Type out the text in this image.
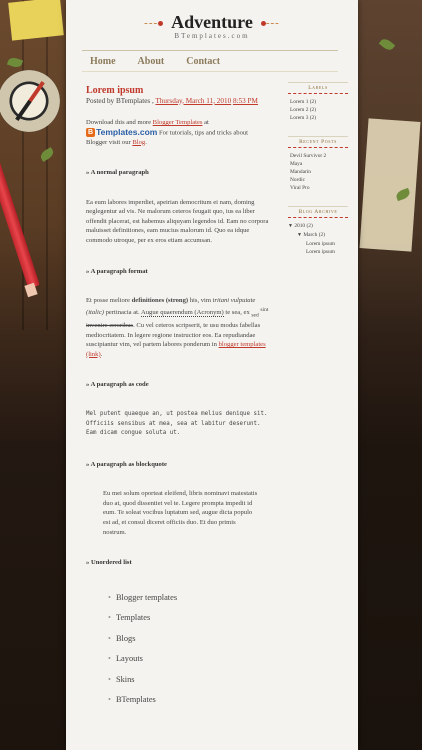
--- Adventure	---
BTemplates.com
Home About Contact
Lorem ipsum
Posted by BTemplates , Thursday, March 11, 2010 8:53 PM
Download this and more Blogger Templates at

B Templates.com For tutorials, tips and tricks about Blogger visit our Blog.
» A normal paragraph
Ea eum labores imperdiet, apeirian democritum ei nam, doming neglegentur ad vis. Ne malorum ceteros feugait quo, ius ea liber offendit placerat, est habemus aliquyam legendos id. Eam no corpora maluisset definitiones, eam mucius malorum id. Quo ea idque commodo utroque, per ex eros etiam accumsan.
» A paragraph format
Et posse meliore definitiones (strong) his, vim tritani vulputate (italic) pertinacia at. Augue quaerendum (Acronym) te sea, ex $_{sed}$ $^{sint}$ invenire erroribus. Cu vel ceteros scripserit, te usu modus fabellas mediocritatem. In legere regione instructior eos. Ea repudiandae suscipiantur vim, vel partem labores ponderum in blogger templates (link).
» A paragraph as code
Mel putent quaeque an, ut postea melius denique sit. Officiis sensibus at mea, sea at labitur deserunt. Eam dicam congue soluta ut.
» A paragraph as blockquote
Eu mei solum oporteat eleifend, libris nominavi maiestatis duo at, quod dissentiet vel te. Legere prompta impedit id eum. Te soleat vocibus luptatum sed, augue dicta populo est ad, et consul diceret officiis duo. Et duo primis nostrum.
» Unordered list
• Blogger templates
• Templates
• Blogs
• Layouts
• Skins
• BTemplates
Labels
Lorem 1 (2)
Lorem 2 (2)
Lorem 3 (2)
Recent Posts
Devil Survivor 2
Maya
Mandarin
Nordic
Viral Pro
Blog Archive
▼ 2010 (2)
▼ March (2)
Lorem ipsum
Lorem ipsum
